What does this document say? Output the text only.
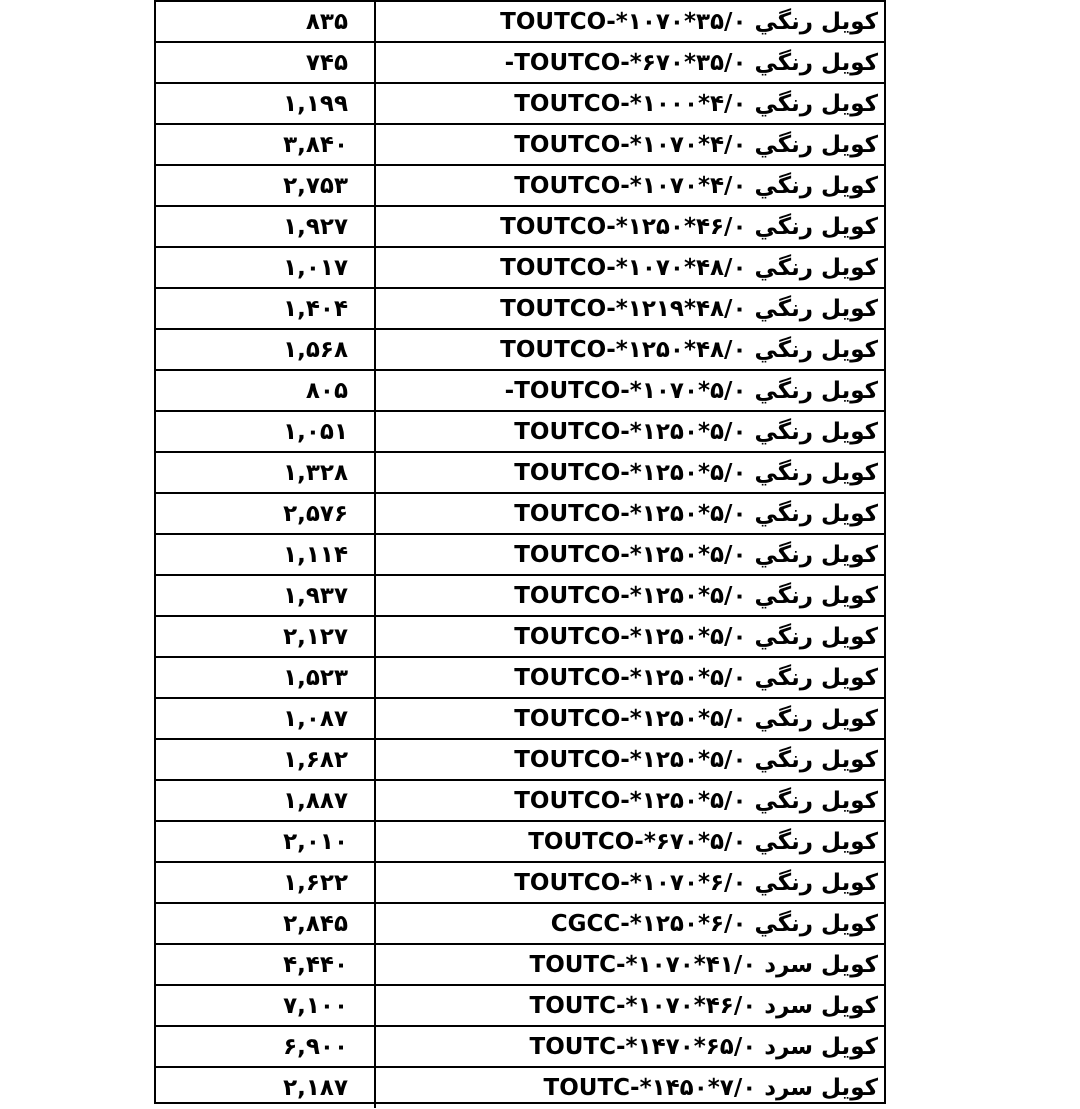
۸۳۵	کویل رنگي ۳۵/۰*۱۰۷۰*-TOUTCO
۷۴۵	کویل رنگي ۳۵/۰*۶۷۰*-TOUTCO-
۱,۱۹۹	کویل رنگي ۴/۰*۱۰۰۰*-TOUTCO
۳,۸۴۰	کویل رنگي ۴/۰*۱۰۷۰*-TOUTCO
۲,۷۵۳	کویل رنگي ۴/۰*۱۰۷۰*-TOUTCO
۱,۹۲۷	کویل رنگي ۴۶/۰*۱۲۵۰*-TOUTCO
۱,۰۱۷	کویل رنگي ۴۸/۰*۱۰۷۰*-TOUTCO
۱,۴۰۴	کویل رنگي ۴۸/۰*۱۲۱۹*-TOUTCO
۱,۵۶۸	کویل رنگي ۴۸/۰*۱۲۵۰*-TOUTCO
۸۰۵	کویل رنگي ۵/۰*۱۰۷۰*-TOUTCO-
۱,۰۵۱	کویل رنگي ۵/۰*۱۲۵۰*-TOUTCO
۱,۳۲۸	کویل رنگي ۵/۰*۱۲۵۰*-TOUTCO
۲,۵۷۶	کویل رنگي ۵/۰*۱۲۵۰*-TOUTCO
۱,۱۱۴	کویل رنگي ۵/۰*۱۲۵۰*-TOUTCO
۱,۹۳۷	کویل رنگي ۵/۰*۱۲۵۰*-TOUTCO
۲,۱۲۷	کویل رنگي ۵/۰*۱۲۵۰*-TOUTCO
۱,۵۲۳	کویل رنگي ۵/۰*۱۲۵۰*-TOUTCO
۱,۰۸۷	کویل رنگي ۵/۰*۱۲۵۰*-TOUTCO
۱,۶۸۲	کویل رنگي ۵/۰*۱۲۵۰*-TOUTCO
۱,۸۸۷	کویل رنگي ۵/۰*۱۲۵۰*-TOUTCO
۲,۰۱۰	کویل رنگي ۵/۰*۶۷۰*-TOUTCO
۱,۶۲۲	کویل رنگي ۶/۰*۱۰۷۰*-TOUTCO
۲,۸۴۵	کویل رنگي ۶/۰*۱۲۵۰*-CGCC
۴,۴۴۰	کویل سرد ۴۱/۰*۱۰۷۰*-TOUTC
۷,۱۰۰	کویل سرد ۴۶/۰*۱۰۷۰*-TOUTC
۶,۹۰۰	کویل سرد ۶۵/۰*۱۴۷۰*-TOUTC
۲,۱۸۷	کویل سرد ۷/۰*۱۴۵۰*-TOUTC
